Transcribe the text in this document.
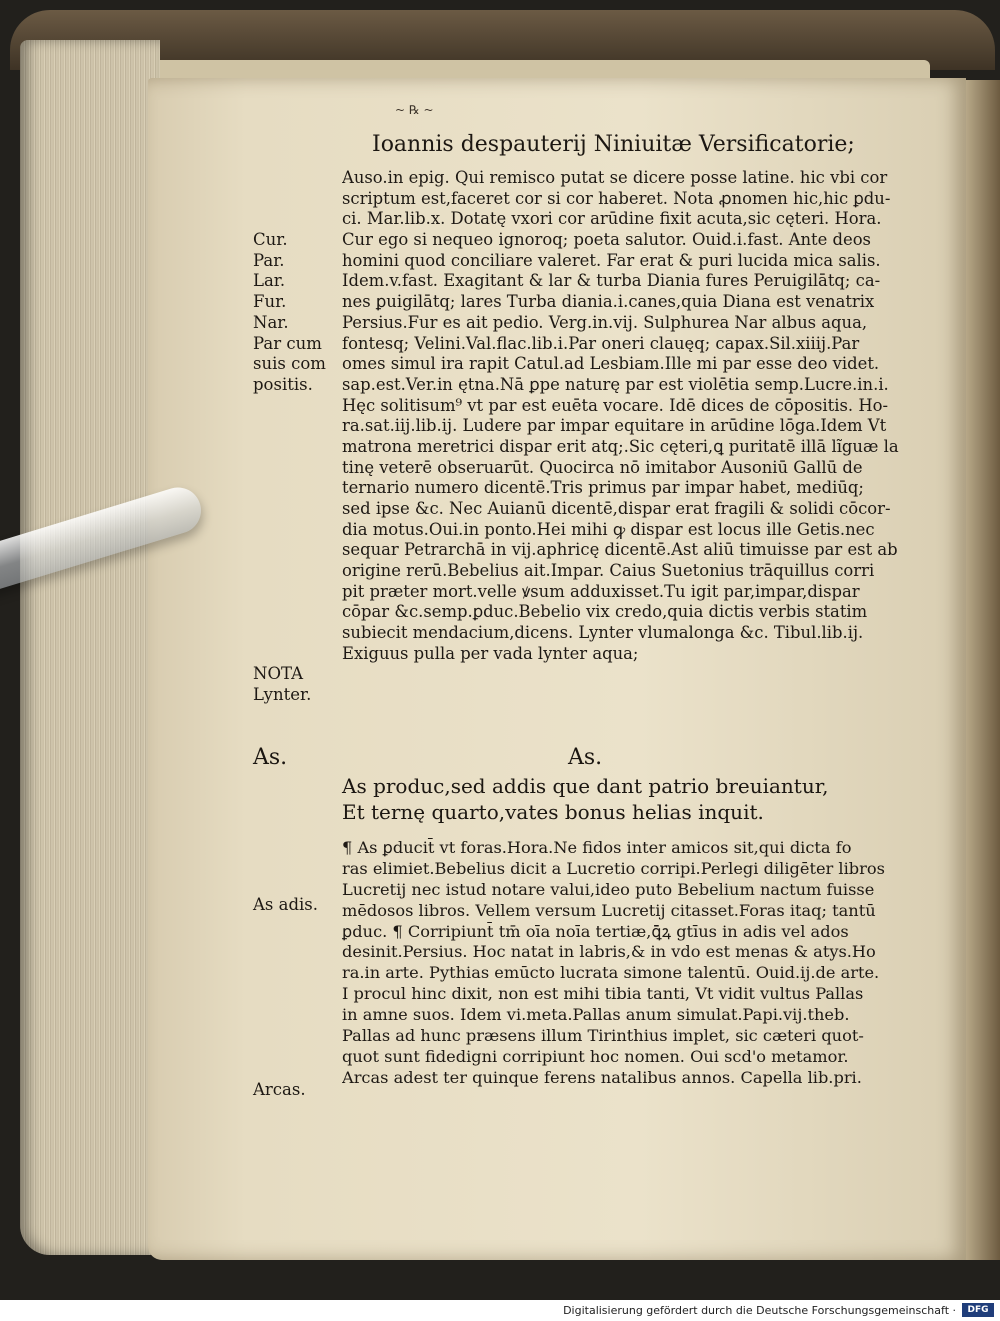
~ ℞ ~
Ioannis despauterij Niniuitæ Versificatorie;
Cur.
Par.
Lar.
Fur.
Nar.
Par cum
suis com
positis.
NOTA
Lynter.
As adis.
Arcas.
Auso.in epig. Qui remisco putat se dicere posse latine. hic vbi cor
scriptum est,faceret cor si cor haberet. Nota ꝓnomen hic,hic ꝑdu-
ci. Mar.lib.x. Dotatę vxori cor arūdine fixit acuta,sic cęteri. Hora.
Cur ego si nequeo ignoroq; poeta salutor. Ouid.i.fast. Ante deos
homini quod conciliare valeret. Far erat & puri lucida mica salis.
Idem.v.fast. Exagitant & lar & turba Diania fures Peruigilātq; ca-
nes ꝑuigilātq; lares Turba diania.i.canes,quia Diana est venatrix
Persius.Fur es ait pedio. Verg.in.vij. Sulphurea Nar albus aqua,
fontesq; Velini.Val.flac.lib.i.Par oneri clauęq; capax.Sil.xiiij.Par
omes simul ira rapit Catul.ad Lesbiam.Ille mi par esse deo videt.
sap.est.Ver.in ętna.Nā ꝑpe naturę par est violētia semp.Lucre.in.i.
Hęc solitisum⁹ vt par est euēta vocare. Idē dices de cōpositis. Ho-
ra.sat.iij.lib.ij. Ludere par impar equitare in arūdine lōga.Idem Vt
matrona meretrici dispar erit atq;.Sic cęteri,ꝗ puritatē illā lĩguæ la
tinę veterē obseruarūt. Quocirca nō imitabor Ausoniū Gallū de
ternario numero dicentē.Tris primus par impar habet, mediūq;
sed ipse &c. Nec Auianū dicentē,dispar erat fragili & solidi cōcor-
dia motus.Oui.in ponto.Hei mihi ꝙ dispar est locus ille Getis.nec
sequar Petrarchā in vij.aphricę dicentē.Ast aliū timuisse par est ab
origine rerū.Bebelius ait.Impar. Caius Suetonius trāquillus corri
pit præter mort.velle ꝟsum adduxisset.Tu igit̄ par,impar,dispar
cōpar &c.semp.ꝑduc.Bebelio vix credo,quia dictis verbis statim
subiecit mendacium,dicens. Lynter vlumalonga &c. Tibul.lib.ij.
Exiguus pulla per vada lynter aqua;
As.	As.
As produc,sed addis que dant patrio breuiantur,
Et ternę quarto,vates bonus helias inquit.
¶ As ꝑducit̄ vt foras.Hora.Ne fidos inter amicos sit,qui dicta fo
ras elimiet.Bebelius dicit a Lucretio corripi.Perlegi diligēter libros
Lucretij nec istud notare valui,ideo puto Bebelium nactum fuisse
mēdosos libros. Vellem versum Lucretij citasset.Foras itaq; tantū
ꝑduc. ¶ Corripiunt̄ tm̄ oīa noīa tertiæ,ꝗ̄ꝝ gtīus in adis vel ados
desinit.Persius. Hoc natat in labris,& in vdo est menas & atys.Ho
ra.in arte. Pythias emūcto lucrata simone talentū. Ouid.ij.de arte.
I procul hinc dixit, non est mihi tibia tanti, Vt vidit vultus Pallas
in amne suos. Idem vi.meta.Pallas anum simulat.Papi.vij.theb.
Pallas ad hunc præsens illum Tirinthius implet, sic cæteri quot-
quot sunt fidedigni corripiunt hoc nomen. Oui scd'o metamor.
Arcas adest ter quinque ferens natalibus annos. Capella lib.pri.
Digitalisierung gefördert durch die Deutsche Forschungsgemeinschaft ·	DFG
